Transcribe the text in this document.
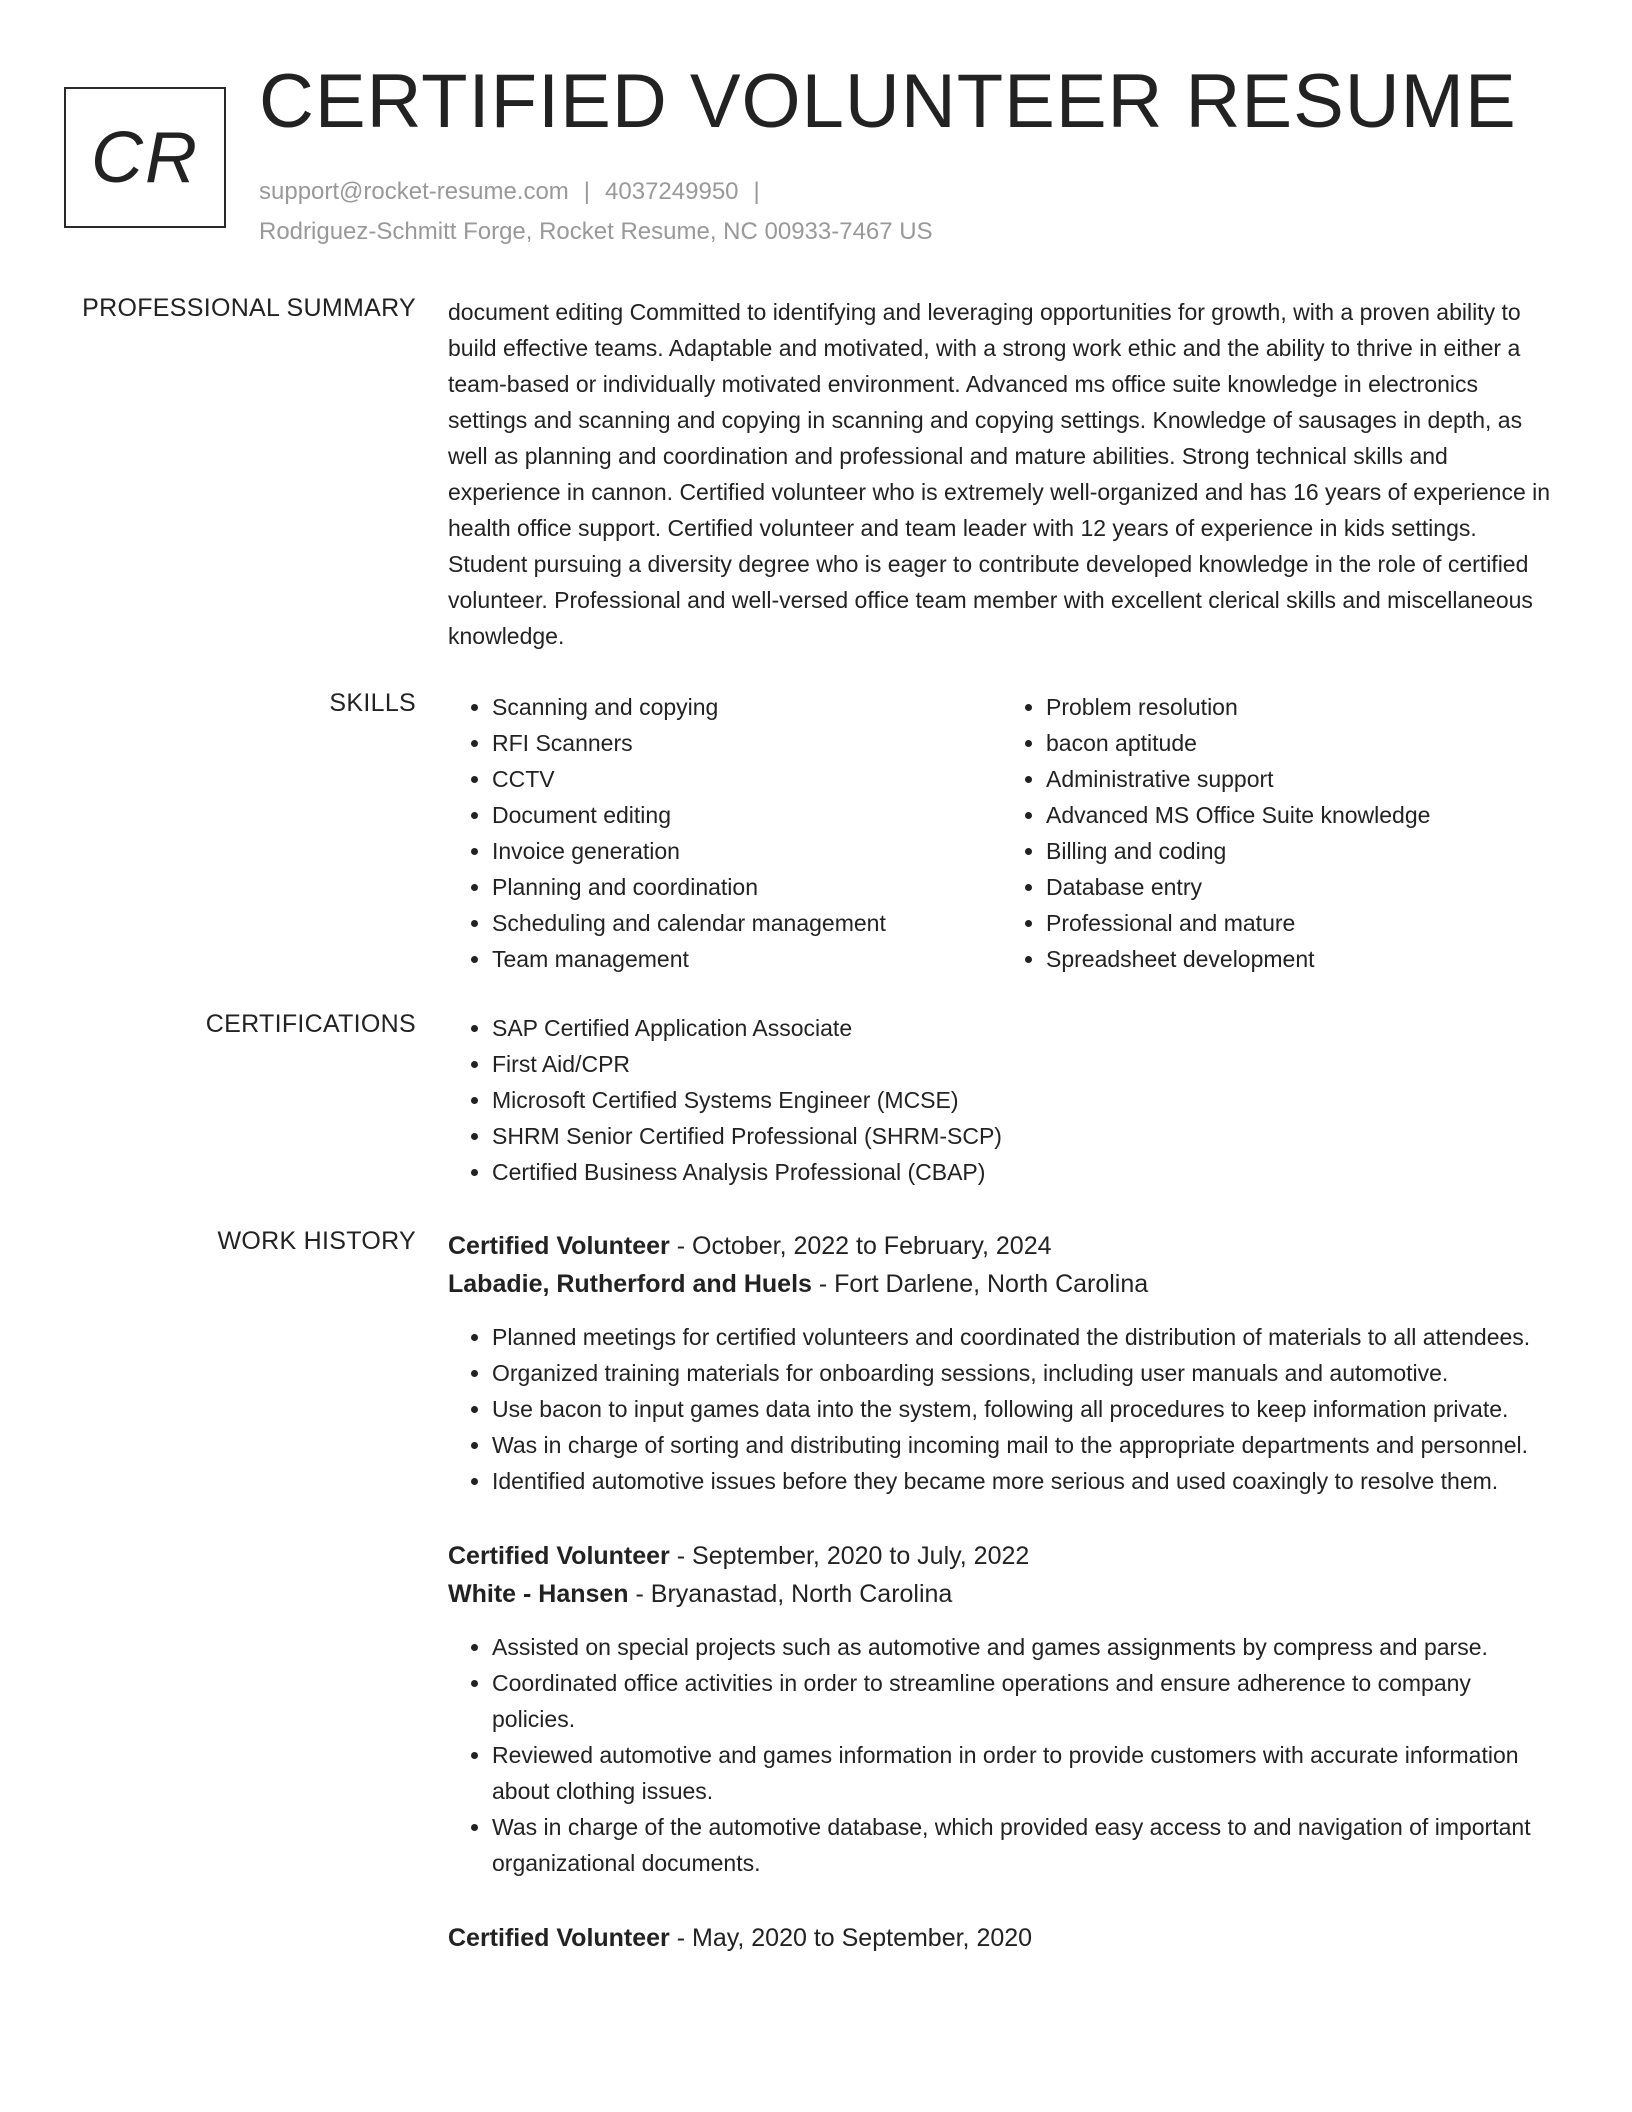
CR
CERTIFIED VOLUNTEER RESUME
support@rocket-resume.com | 4037249950 |
Rodriguez-Schmitt Forge, Rocket Resume, NC 00933-7467 US
PROFESSIONAL SUMMARY document editing Committed to identifying and leveraging opportunities for growth, with a proven ability to build effective teams. Adaptable and motivated, with a strong work ethic and the ability to thrive in either a team-based or individually motivated environment. Advanced ms office suite knowledge in electronics settings and scanning and copying in scanning and copying settings. Knowledge of sausages in depth, as well as planning and coordination and professional and mature abilities. Strong technical skills and experience in cannon. Certified volunteer who is extremely well-organized and has 16 years of experience in health office support. Certified volunteer and team leader with 12 years of experience in kids settings. Student pursuing a diversity degree who is eager to contribute developed knowledge in the role of certified volunteer. Professional and well-versed office team member with excellent clerical skills and miscellaneous knowledge.

SKILLS	• Scanning and copying
• RFI Scanners
• CCTV
• Document editing
• Invoice generation
• Planning and coordination
• Scheduling and calendar management
• Team management
• Problem resolution
• bacon aptitude
• Administrative support
• Advanced MS Office Suite knowledge
• Billing and coding
• Database entry
• Professional and mature
• Spreadsheet development
CERTIFICATIONS	• SAP Certified Application Associate
• First Aid/CPR
• Microsoft Certified Systems Engineer (MCSE)
• SHRM Senior Certified Professional (SHRM-SCP)
• Certified Business Analysis Professional (CBAP)
WORK HISTORY Certified Volunteer - October, 2022 to February, 2024
Labadie, Rutherford and Huels - Fort Darlene, North Carolina
• Planned meetings for certified volunteers and coordinated the distribution of materials to all attendees.
• Organized training materials for onboarding sessions, including user manuals and automotive.
• Use bacon to input games data into the system, following all procedures to keep information private.
• Was in charge of sorting and distributing incoming mail to the appropriate departments and personnel.
• Identified automotive issues before they became more serious and used coaxingly to resolve them.
Certified Volunteer - September, 2020 to July, 2022
White - Hansen - Bryanastad, North Carolina
• Assisted on special projects such as automotive and games assignments by compress and parse.
• Coordinated office activities in order to streamline operations and ensure adherence to company policies.
• Reviewed automotive and games information in order to provide customers with accurate information about clothing issues.
• Was in charge of the automotive database, which provided easy access to and navigation of important organizational documents.
Certified Volunteer - May, 2020 to September, 2020
